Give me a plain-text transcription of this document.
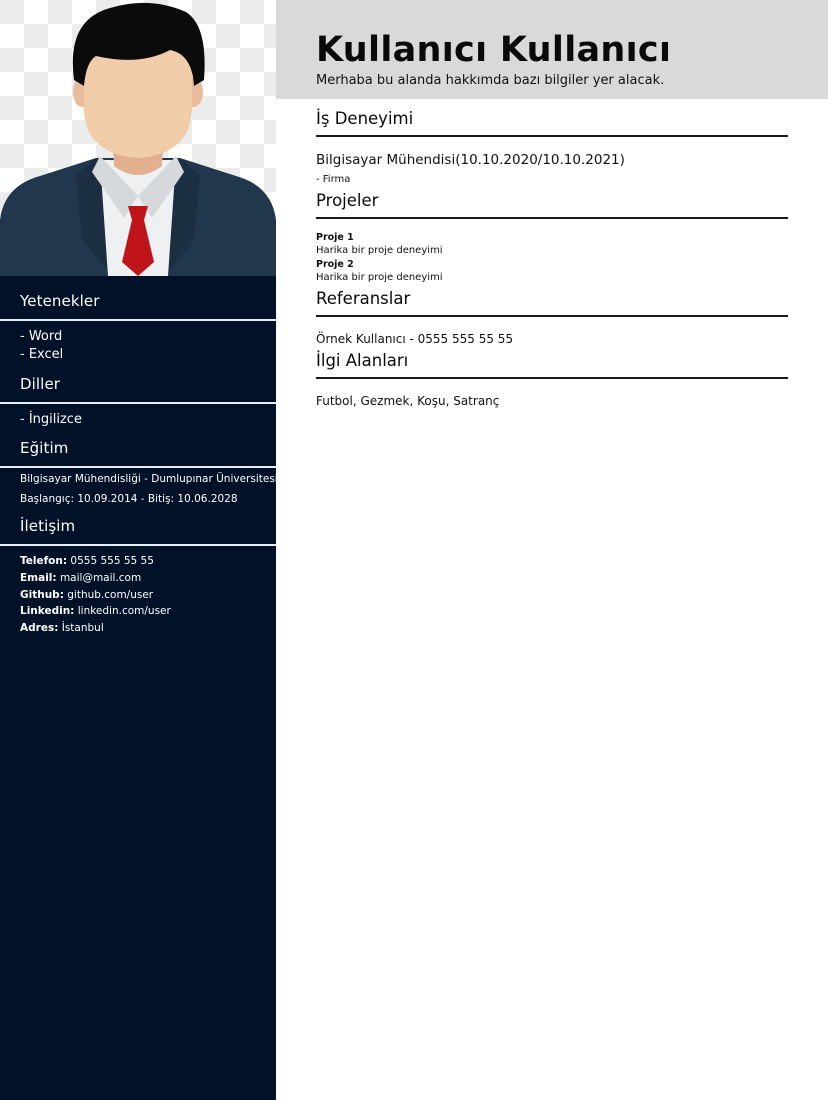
Yetenekler
- Word
- Excel
Diller
- İngilizce
Eğitim
Bilgisayar Mühendisliği - Dumlupınar Üniversitesi
Başlangıç: 10.09.2014 - Bitiş: 10.06.2028
İletişim
Telefon: 0555 555 55 55
Email: mail@mail.com
Github: github.com/user
Linkedin: linkedin.com/user
Adres: İstanbul
Kullanıcı Kullanıcı
Merhaba bu alanda hakkımda bazı bilgiler yer alacak.
İş Deneyimi
Bilgisayar Mühendisi(10.10.2020/10.10.2021)
- Firma
Projeler
Proje 1
Harika bir proje deneyimi
Proje 2
Harika bir proje deneyimi
Referanslar
Örnek Kullanıcı - 0555 555 55 55
İlgi Alanları
Futbol, Gezmek, Koşu, Satranç
